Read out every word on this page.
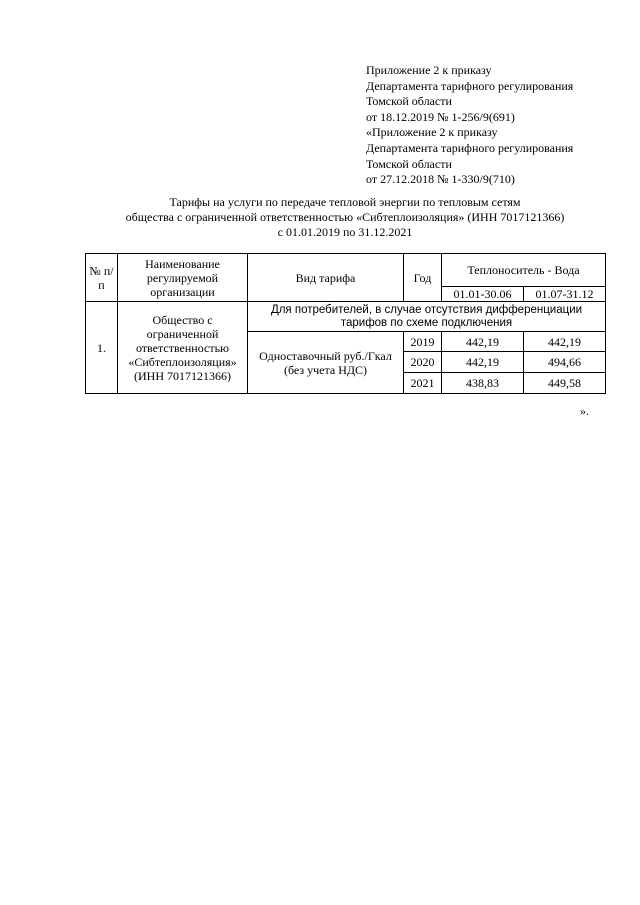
Приложение 2 к приказу
Департамента тарифного регулирования
Томской области
от 18.12.2019 № 1-256/9(691)
«Приложение 2 к приказу
Департамента тарифного регулирования
Томской области
от 27.12.2018 № 1-330/9(710)
Тарифы на услуги по передаче тепловой энергии по тепловым сетям
общества с ограниченной ответственностью «Сибтеплоизоляция» (ИНН 7017121366)
с 01.01.2019 по 31.12.2021
№ п/п	Наименование регулируемой организации	Вид тарифа	Год	Теплоноситель - Вода	
				01.01-30.06	01.07-31.12
1.	Общество с ограниченной ответственностью «Сибтеплоизоляция» (ИНН 7017121366)	Для потребителей, в случае отсутствия дифференциации тарифов по схеме подключения			
		Одноставочный руб./Гкал (без учета НДС)	2019	442,19	442,19
			2020	442,19	494,66
			2021	438,83	449,58
».
